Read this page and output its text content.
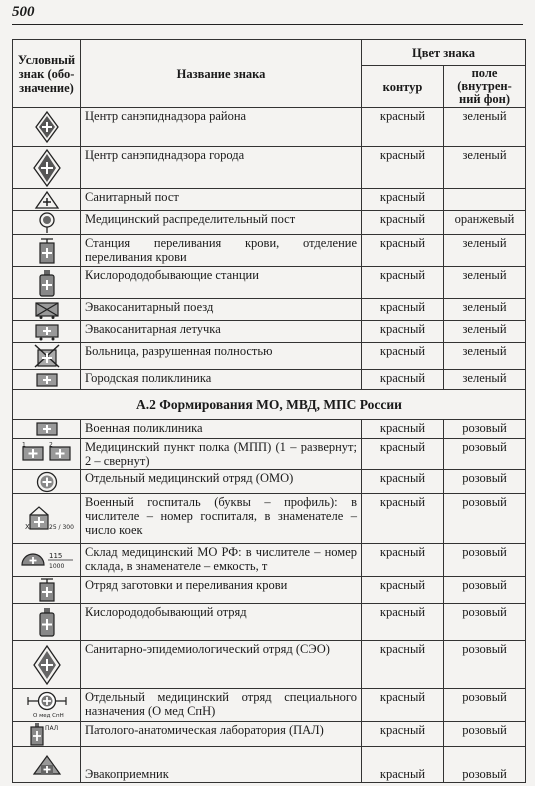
500
Условный знак (обо-значение)	Название знака	Цвет знака	
		контур	поле (внутрен-ний фон)

	Центр санэпиднадзора района	красный	зеленый

	Центр санэпиднадзора города	красный	зеленый

	Санитарный пост	красный	

	Медицинский распределительный пост	красный	оранжевый

	Станция переливания крови, отделение переливания крови	красный	зеленый

	Кислорододобывающие станции	красный	зеленый

	Эвакосанитарный поезд	красный	зеленый

	Эвакосанитарная летучка	красный	зеленый

	Больница, разрушенная полностью	красный	зеленый

	Городская поликлиника	красный	зеленый
А.2 Формирования МО, МВД, МПС России			

	Военная поликлиника	красный	розовый

1 2	Медицинский пункт полка (МПП) (1 – развернут; 2 – свернут)	красный	розовый

	Отдельный медицинский отряд (ОМО)	красный	розовый

Х 25 / 300	Военный госпиталь (буквы – профиль): в числителе – номер госпиталя, в знаменателе – число коек	красный	розовый

115
1000	Склад медицинский МО РФ: в числителе – номер склада, в знаменателе – емкость, т	красный	розовый

	Отряд заготовки и переливания крови	красный	розовый

	Кислорододобывающий отряд	красный	розовый

	Санитарно-эпидемиологический отряд (СЭО)	красный	розовый

О мед СпН	Отдельный медицинский отряд специального назначения (О мед СпН)	красный	розовый

ПАЛ	Патолого-анатомическая лаборатория (ПАЛ)	красный	розовый

	Эвакоприемник	красный	розовый
